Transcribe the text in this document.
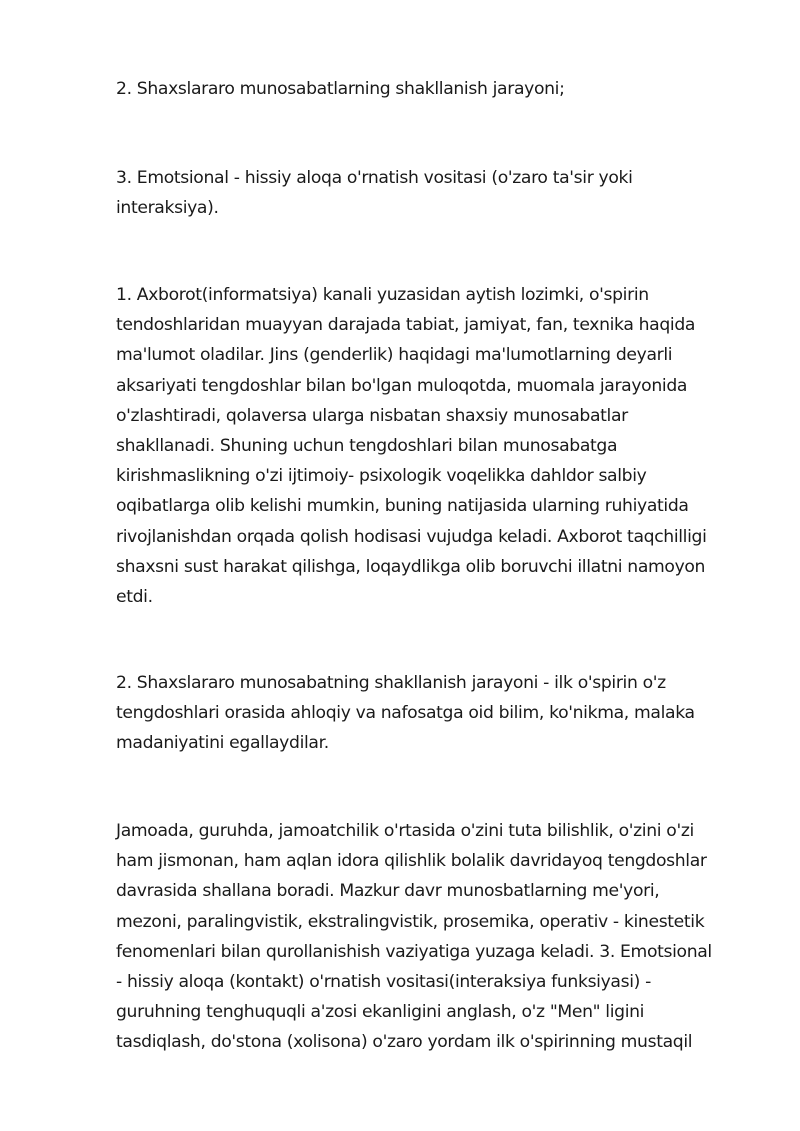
2. Shaxslararo munosabatlarning shakllanish jarayoni;

3. Emotsional - hissiy aloqa o'rnatish vositasi (o'zaro ta'sir yoki
interaksiya).

1. Axborot(informatsiya) kanali yuzasidan aytish lozimki, o'spirin
tendoshlaridan muayyan darajada tabiat, jamiyat, fan, texnika haqida
ma'lumot oladilar. Jins (genderlik) haqidagi ma'lumotlarning deyarli
aksariyati tengdoshlar bilan bo'lgan muloqotda, muomala jarayonida
o'zlashtiradi, qolaversa ularga nisbatan shaxsiy munosabatlar
shakllanadi. Shuning uchun tengdoshlari bilan munosabatga
kirishmaslikning o'zi ijtimoiy- psixologik voqelikka dahldor salbiy
oqibatlarga olib kelishi mumkin, buning natijasida ularning ruhiyatida
rivojlanishdan orqada qolish hodisasi vujudga keladi. Axborot taqchilligi
shaxsni sust harakat qilishga, loqaydlikga olib boruvchi illatni namoyon
etdi.

2. Shaxslararo munosabatning shakllanish jarayoni - ilk o'spirin o'z
tengdoshlari orasida ahloqiy va nafosatga oid bilim, ko'nikma, malaka
madaniyatini egallaydilar.

Jamoada, guruhda, jamoatchilik o'rtasida o'zini tuta bilishlik, o'zini o'zi
ham jismonan, ham aqlan idora qilishlik bolalik davridayoq tengdoshlar
davrasida shallana boradi. Mazkur davr munosbatlarning me'yori,
mezoni, paralingvistik, ekstralingvistik, prosemika, operativ - kinestetik
fenomenlari bilan qurollanishish vaziyatiga yuzaga keladi. 3. Emotsional
- hissiy aloqa (kontakt) o'rnatish vositasi(interaksiya funksiyasi) -
guruhning tenghuquqli a'zosi ekanligini anglash, o'z "Men" ligini
tasdiqlash, do'stona (xolisona) o'zaro yordam ilk o'spirinning mustaqil
